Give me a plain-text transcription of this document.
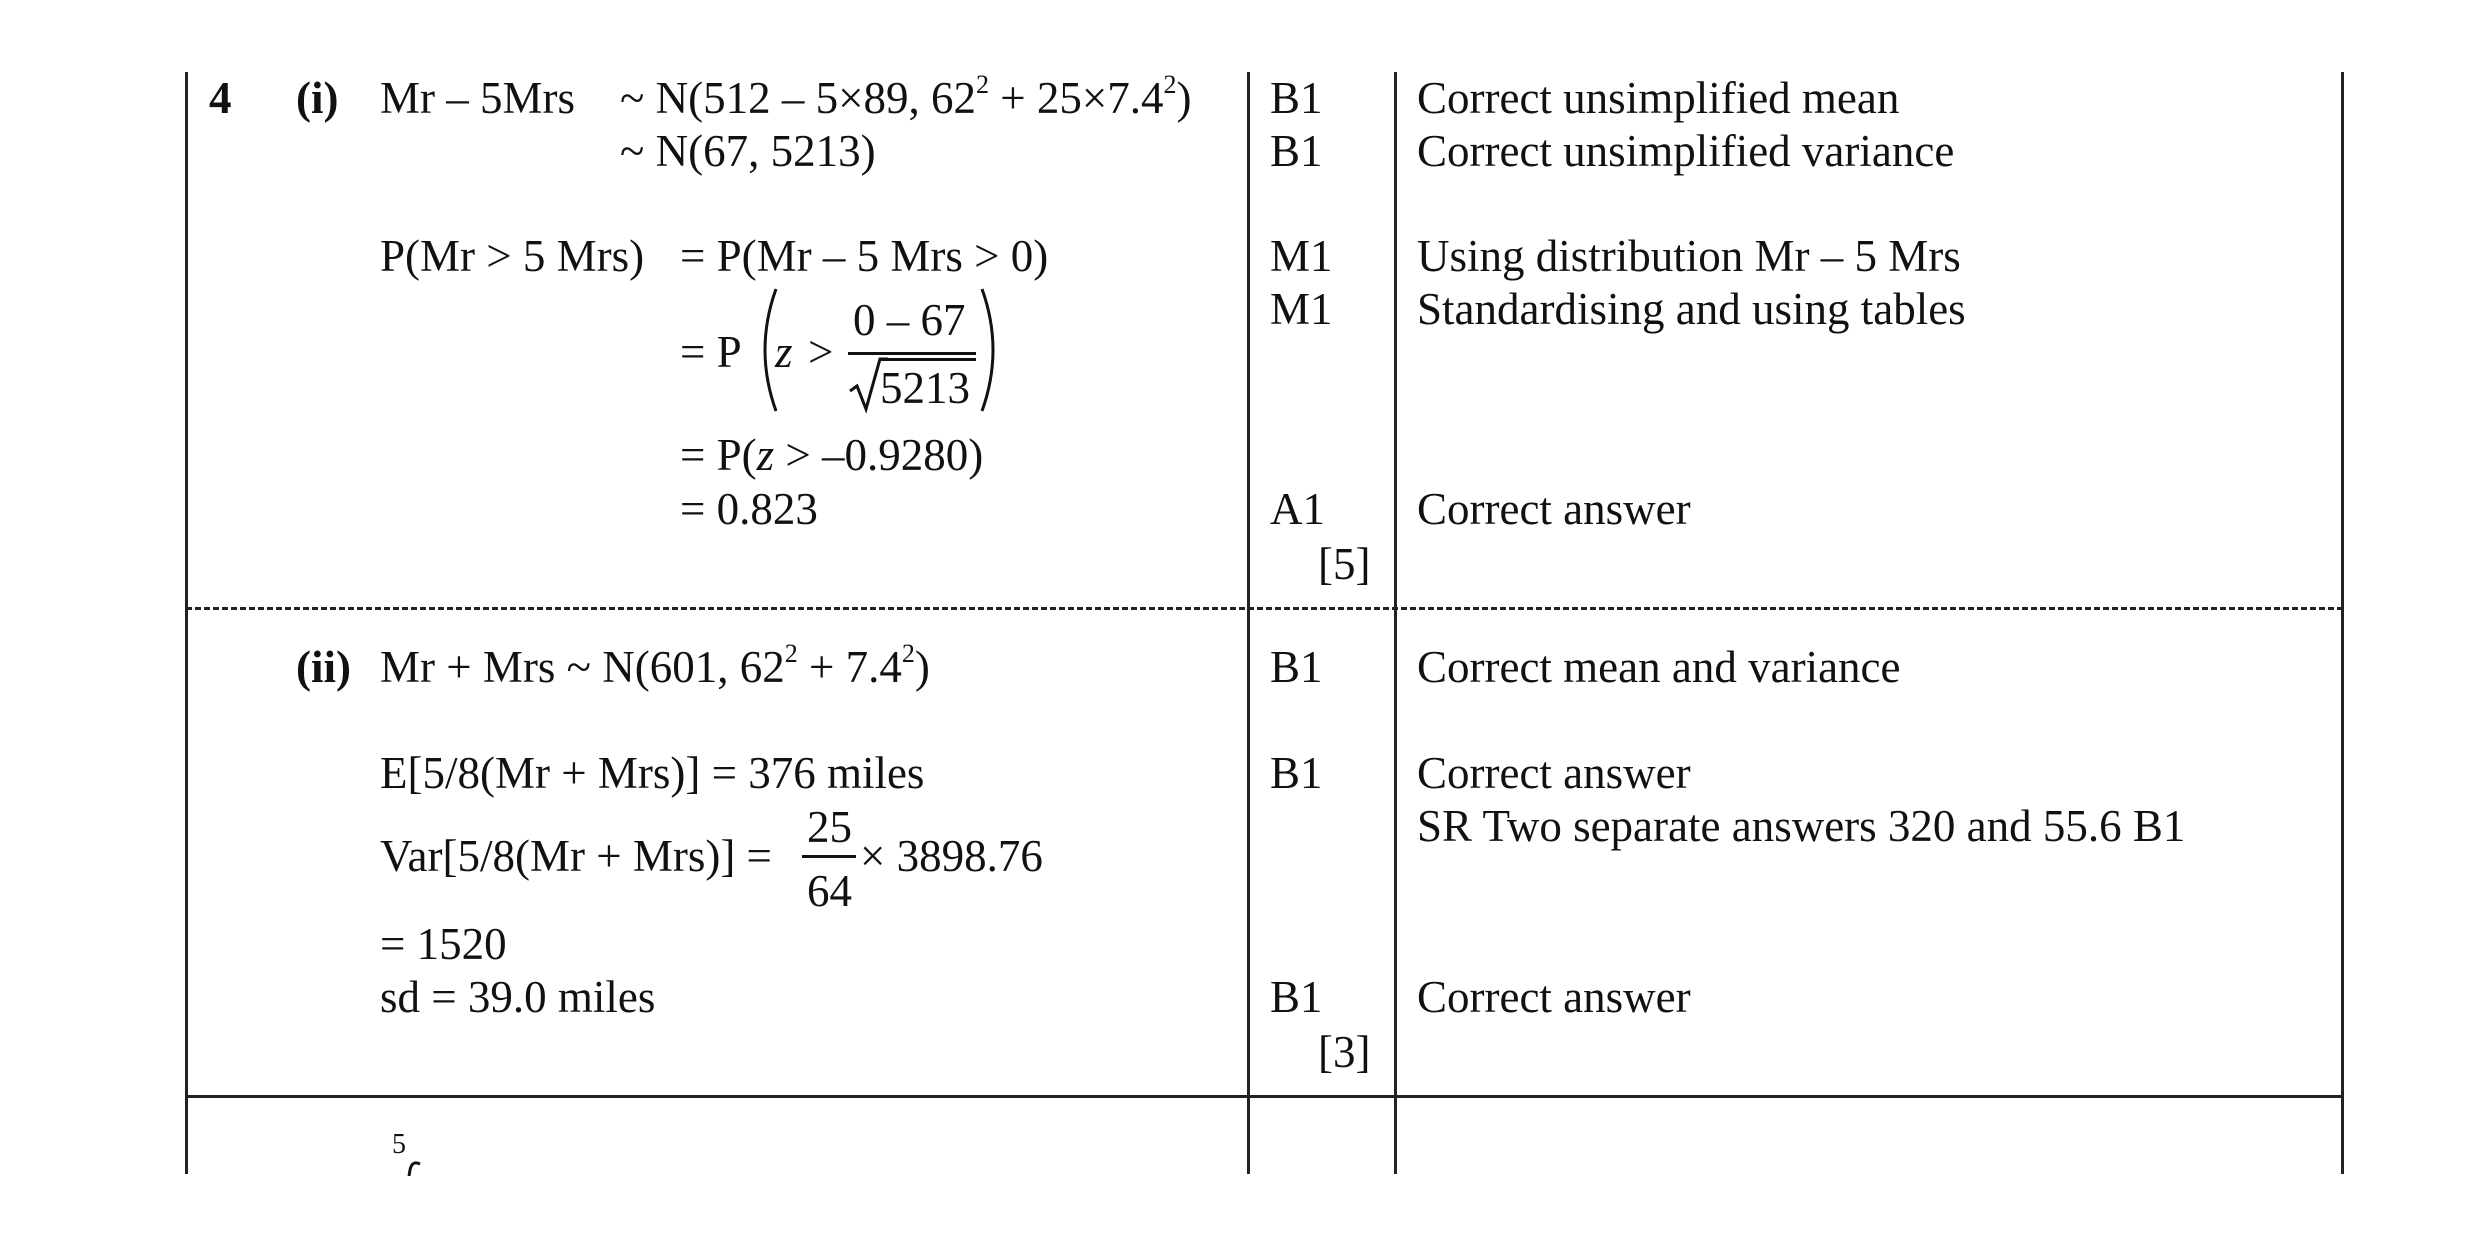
4 (i) Mr – 5Mrs ~ N(512 – 5×89, $62^2 + 25\times 7.4^2$)
~ N(67, 5213)
P(Mr > 5 Mrs) = P(Mr – 5 Mrs > 0)
= P z >
0 – 67
5213
= P(z > –0.9280)
= 0.823
B1
B1
M1
M1
A1
[5]
Correct unsimplified mean
Correct unsimplified variance
Using distribution Mr – 5 Mrs
Standardising and using tables
Correct answer
(ii) Mr + Mrs ~ N(601, $62^2 + 7.4^2$)
E[5/8(Mr + Mrs)] = 376 miles
Var[5/8(Mr + Mrs)] =
25
64
× 3898.76
= 1520
sd = 39.0 miles
B1
B1
B1
[3]
Correct mean and variance
Correct answer
SR Two separate answers 320 and 55.6 B1
Correct answer
5
